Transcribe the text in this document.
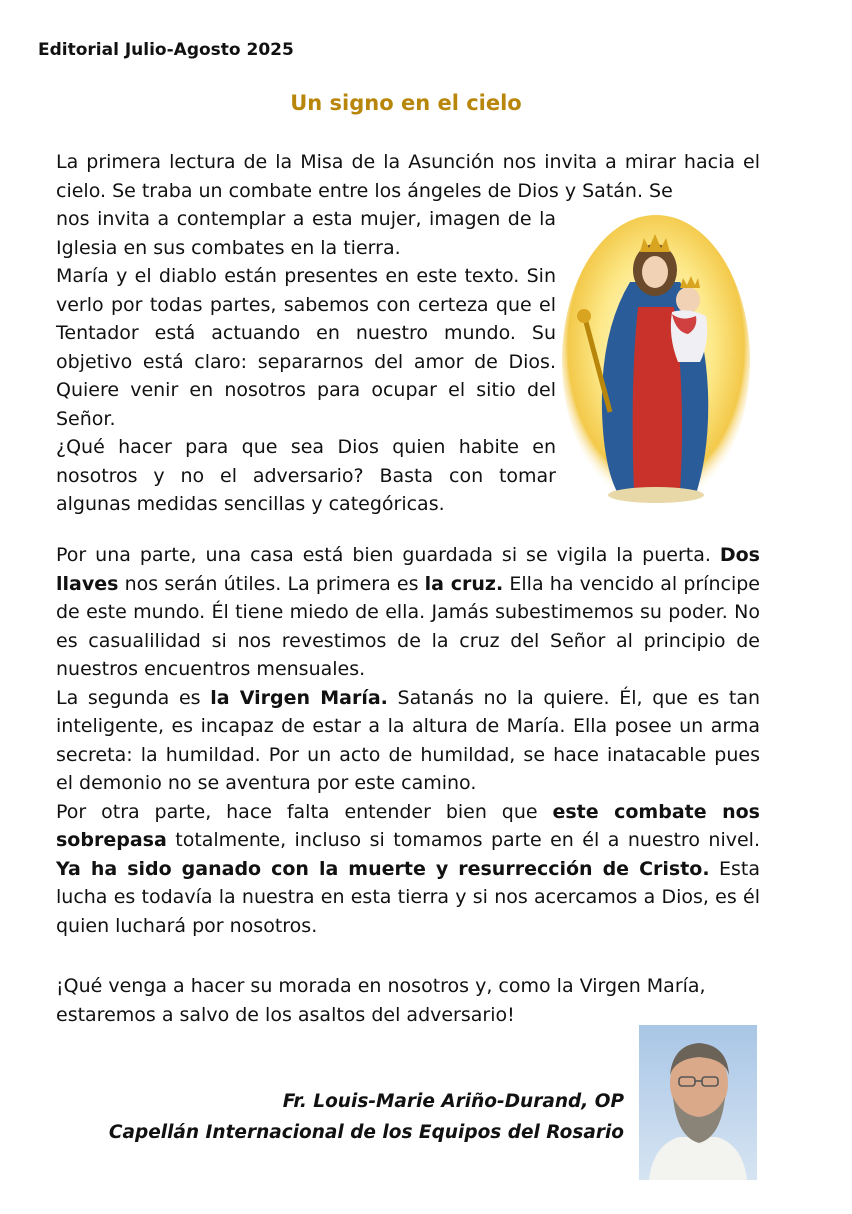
Editorial Julio-Agosto 2025
Un signo en el cielo

La primera lectura de la Misa de la Asunción nos invita a mirar hacia el cielo. Se traba un combate entre los ángeles de Dios y Satán. Se

nos invita a contemplar a esta mujer, imagen de la Iglesia en sus combates en la tierra.

María y el diablo están presentes en este texto. Sin verlo por todas partes, sabemos con certeza que el Tentador está actuando en nuestro mundo. Su objetivo está claro: separarnos del amor de Dios. Quiere venir en nosotros para ocupar el sitio del Señor.

¿Qué hacer para que sea Dios quien habite en nosotros y no el adversario? Basta con tomar algunas medidas sencillas y categóricas.

Por una parte, una casa está bien guardada si se vigila la puerta. Dos llaves nos serán útiles. La primera es la cruz. Ella ha vencido al príncipe de este mundo. Él tiene miedo de ella. Jamás subestimemos su poder. No es casualilidad si nos revestimos de la cruz del Señor al principio de nuestros encuentros mensuales.

La segunda es la Virgen María. Satanás no la quiere. Él, que es tan inteligente, es incapaz de estar a la altura de María. Ella posee un arma secreta: la humildad. Por un acto de humildad, se hace inatacable pues el demonio no se aventura por este camino.

Por otra parte, hace falta entender bien que este combate nos sobrepasa totalmente, incluso si tomamos parte en él a nuestro nivel. Ya ha sido ganado con la muerte y resurrección de Cristo. Esta lucha es todavía la nuestra en esta tierra y si nos acercamos a Dios, es él quien luchará por nosotros.

¡Qué venga a hacer su morada en nosotros y, como la Virgen María, estaremos a salvo de los asaltos del adversario!

Fr. Louis-Marie Ariño-Durand, OP
Capellán Internacional de los Equipos del Rosario
